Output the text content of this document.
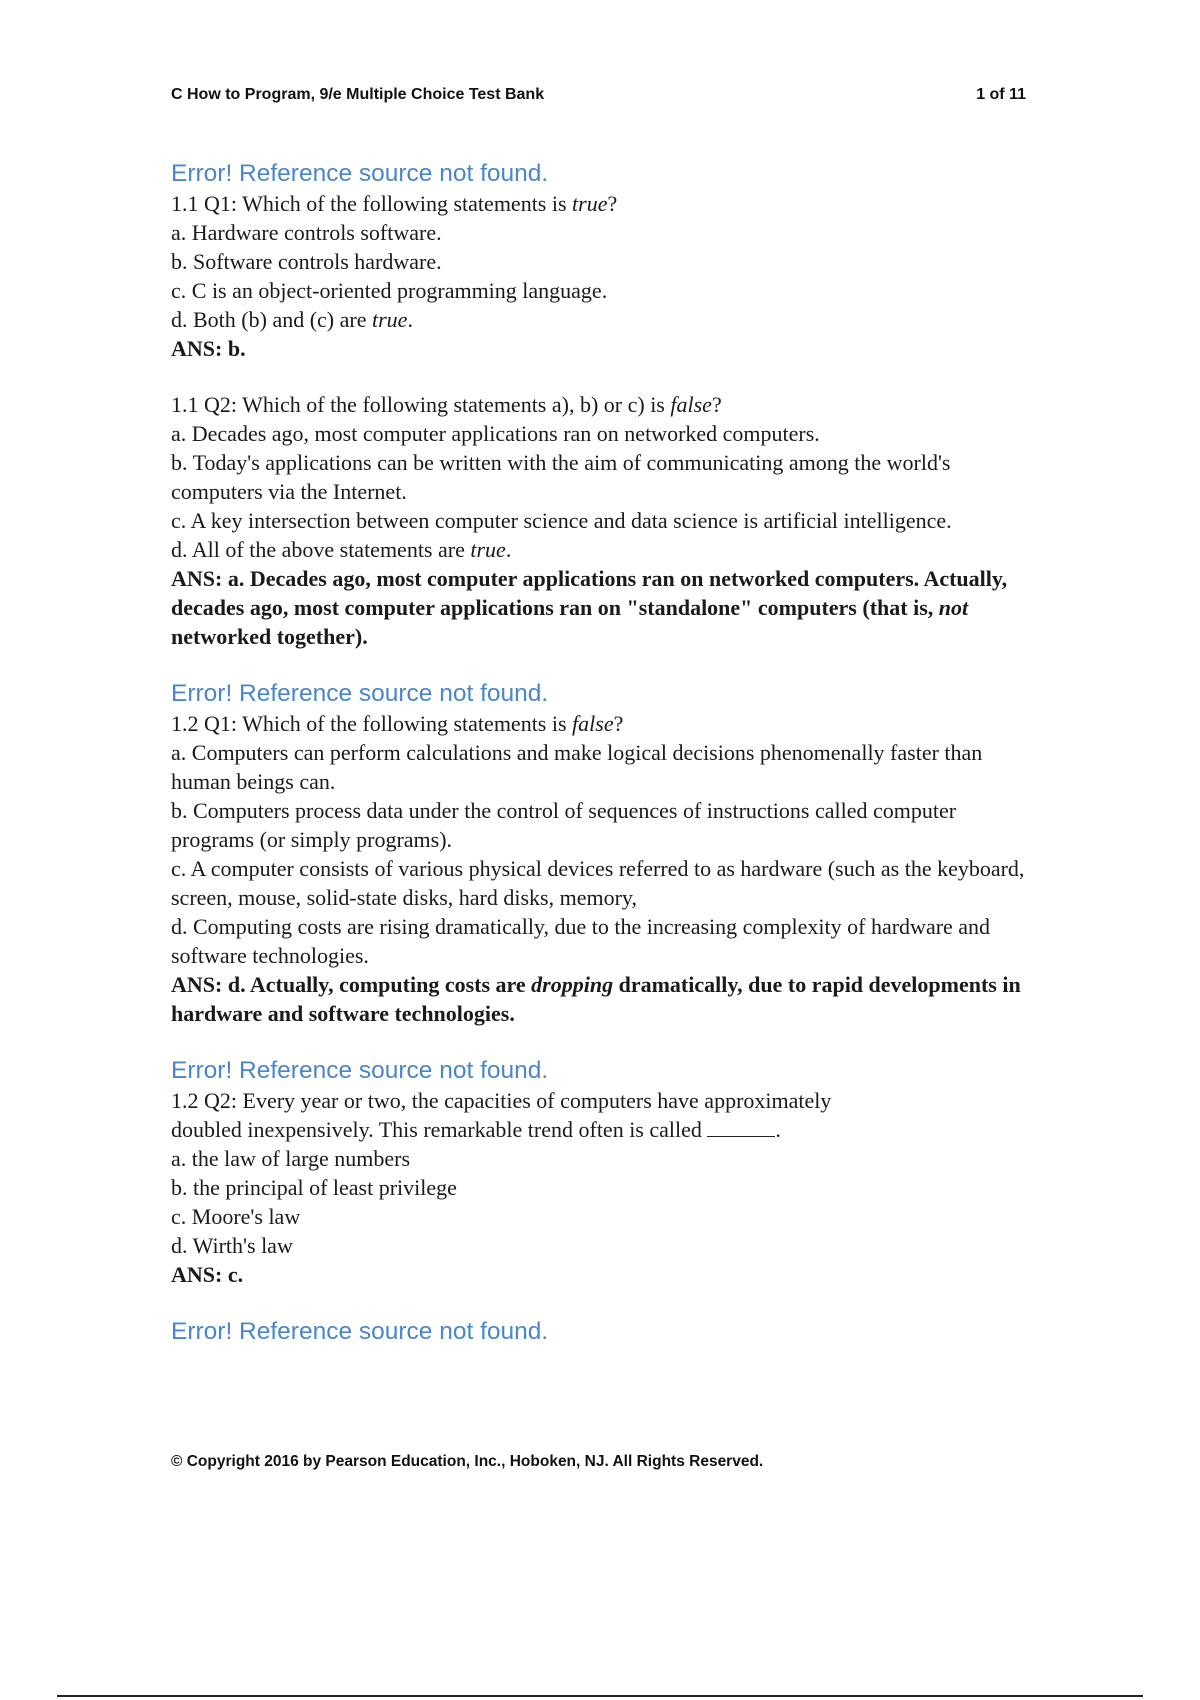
C How to Program, 9/e Multiple Choice Test Bank	1 of 11
Error! Reference source not found.

1.1 Q1: Which of the following statements is true?

a. Hardware controls software.

b. Software controls hardware.

c. C is an object-oriented programming language.

d. Both (b) and (c) are true.

ANS: b.

1.1 Q2: Which of the following statements a), b) or c) is false?

a. Decades ago, most computer applications ran on networked computers.

b. Today's applications can be written with the aim of communicating among the world's computers via the Internet.

c. A key intersection between computer science and data science is artificial intelligence.

d. All of the above statements are true.

ANS: a. Decades ago, most computer applications ran on networked computers. Actually, decades ago, most computer applications ran on "standalone" computers (that is, not networked together).

Error! Reference source not found.

1.2 Q1: Which of the following statements is false?

a. Computers can perform calculations and make logical decisions phenomenally faster than human beings can.

b. Computers process data under the control of sequences of instructions called computer programs (or simply programs).

c. A computer consists of various physical devices referred to as hardware (such as the keyboard, screen, mouse, solid-state disks, hard disks, memory,

d. Computing costs are rising dramatically, due to the increasing complexity of hardware and software technologies.

ANS: d. Actually, computing costs are dropping dramatically, due to rapid developments in hardware and software technologies.

Error! Reference source not found.

1.2 Q2: Every year or two, the capacities of computers have approximately

doubled inexpensively. This remarkable trend often is called	.

a. the law of large numbers

b. the principal of least privilege

c. Moore's law

d. Wirth's law

ANS: c.

Error! Reference source not found.
© Copyright 2016 by Pearson Education, Inc., Hoboken, NJ. All Rights Reserved.
